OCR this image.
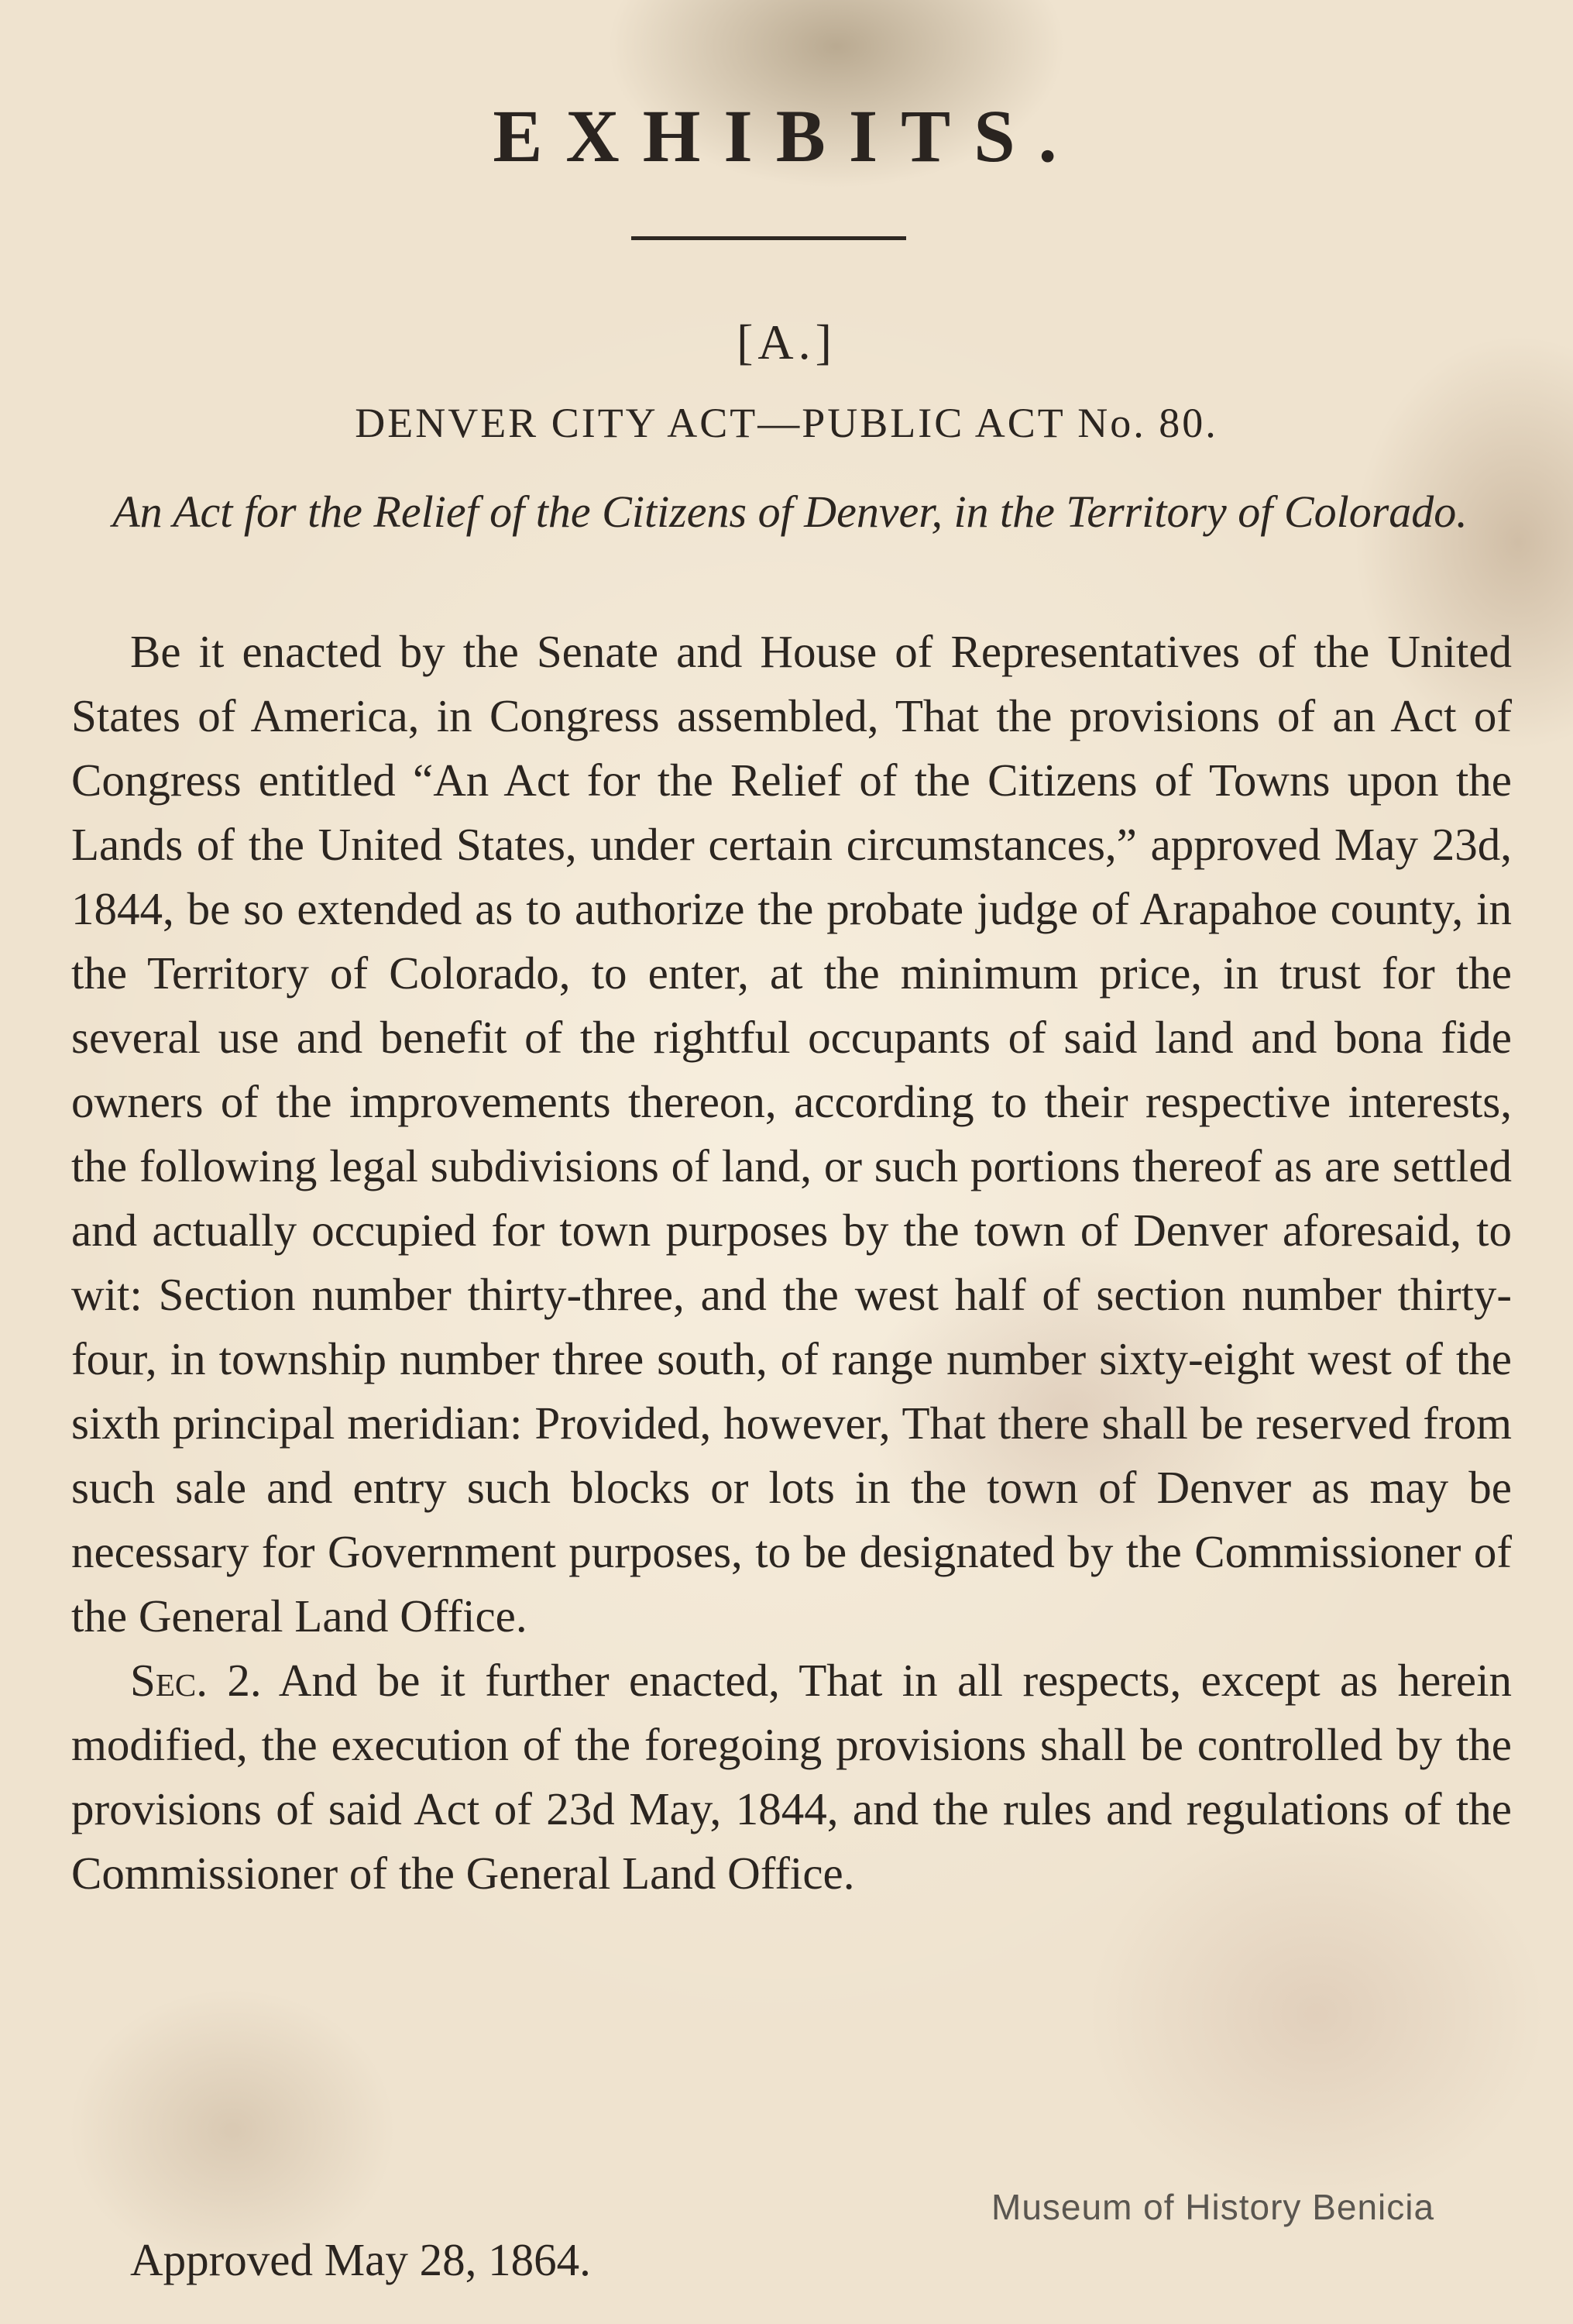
EXHIBITS.
[A.]
DENVER CITY ACT—PUBLIC ACT No. 80.
An Act for the Relief of the Citizens of Denver, in the Territory of Colorado.

Be it enacted by the Senate and House of Representatives of the United States of America, in Congress assembled, That the provisions of an Act of Congress entitled “An Act for the Relief of the Citizens of Towns upon the Lands of the United States, under certain circumstances,” approved May 23d, 1844, be so extended as to authorize the probate judge of Arapahoe county, in the Territory of Colorado, to enter, at the minimum price, in trust for the several use and benefit of the rightful occupants of said land and bona fide owners of the improvements thereon, according to their respective interests, the following legal subdivisions of land, or such portions thereof as are settled and actually occupied for town purposes by the town of Denver aforesaid, to wit: Section number thirty-three, and the west half of section number thirty-four, in township number three south, of range number sixty-eight west of the sixth principal meridian: Provided, however, That there shall be reserved from such sale and entry such blocks or lots in the town of Denver as may be necessary for Government purposes, to be designated by the Commissioner of the General Land Office.

Sec. 2. And be it further enacted, That in all respects, except as herein modified, the execution of the foregoing provisions shall be controlled by the provisions of said Act of 23d May, 1844, and the rules and regulations of the Commissioner of the General Land Office.

Museum of History Benicia
Approved May 28, 1864.
